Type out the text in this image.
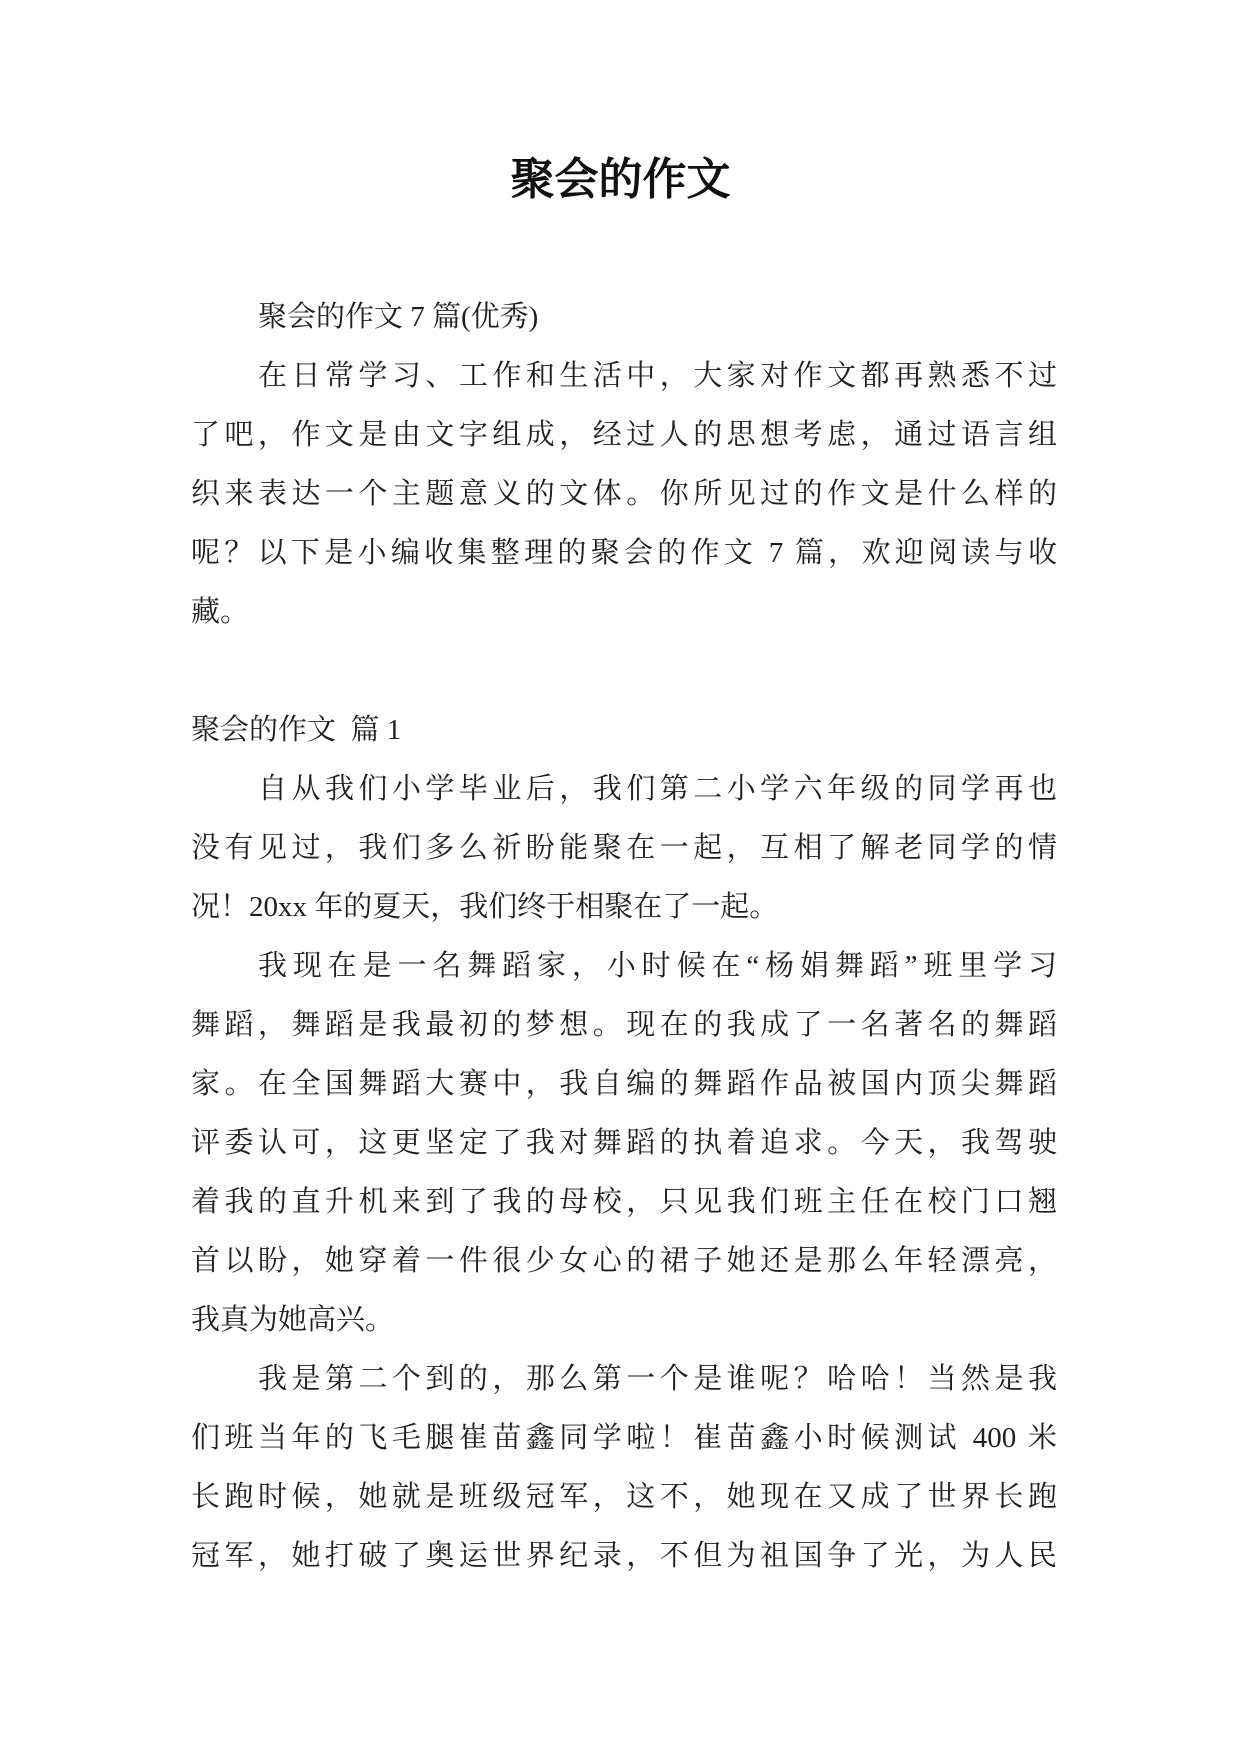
聚会的作文
聚会的作文 7 篇(优秀)
在日常学习、工作和生活中，大家对作文都再熟悉不过
了吧，作文是由文字组成，经过人的思想考虑，通过语言组
织来表达一个主题意义的文体。你所见过的作文是什么样的
呢？以下是小编收集整理的聚会的作文 7 篇，欢迎阅读与收
藏。
聚会的作文  篇 1
自从我们小学毕业后，我们第二小学六年级的同学再也
没有见过，我们多么祈盼能聚在一起，互相了解老同学的情
况！20xx 年的夏天，我们终于相聚在了一起。
我现在是一名舞蹈家，小时候在“杨娟舞蹈”班里学习
舞蹈，舞蹈是我最初的梦想。现在的我成了一名著名的舞蹈
家。在全国舞蹈大赛中，我自编的舞蹈作品被国内顶尖舞蹈
评委认可，这更坚定了我对舞蹈的执着追求。今天，我驾驶
着我的直升机来到了我的母校，只见我们班主任在校门口翘
首以盼，她穿着一件很少女心的裙子她还是那么年轻漂亮，
我真为她高兴。
我是第二个到的，那么第一个是谁呢？哈哈！当然是我
们班当年的飞毛腿崔苗鑫同学啦！崔苗鑫小时候测试 400 米
长跑时候，她就是班级冠军，这不，她现在又成了世界长跑
冠军，她打破了奥运世界纪录，不但为祖国争了光，为人民
